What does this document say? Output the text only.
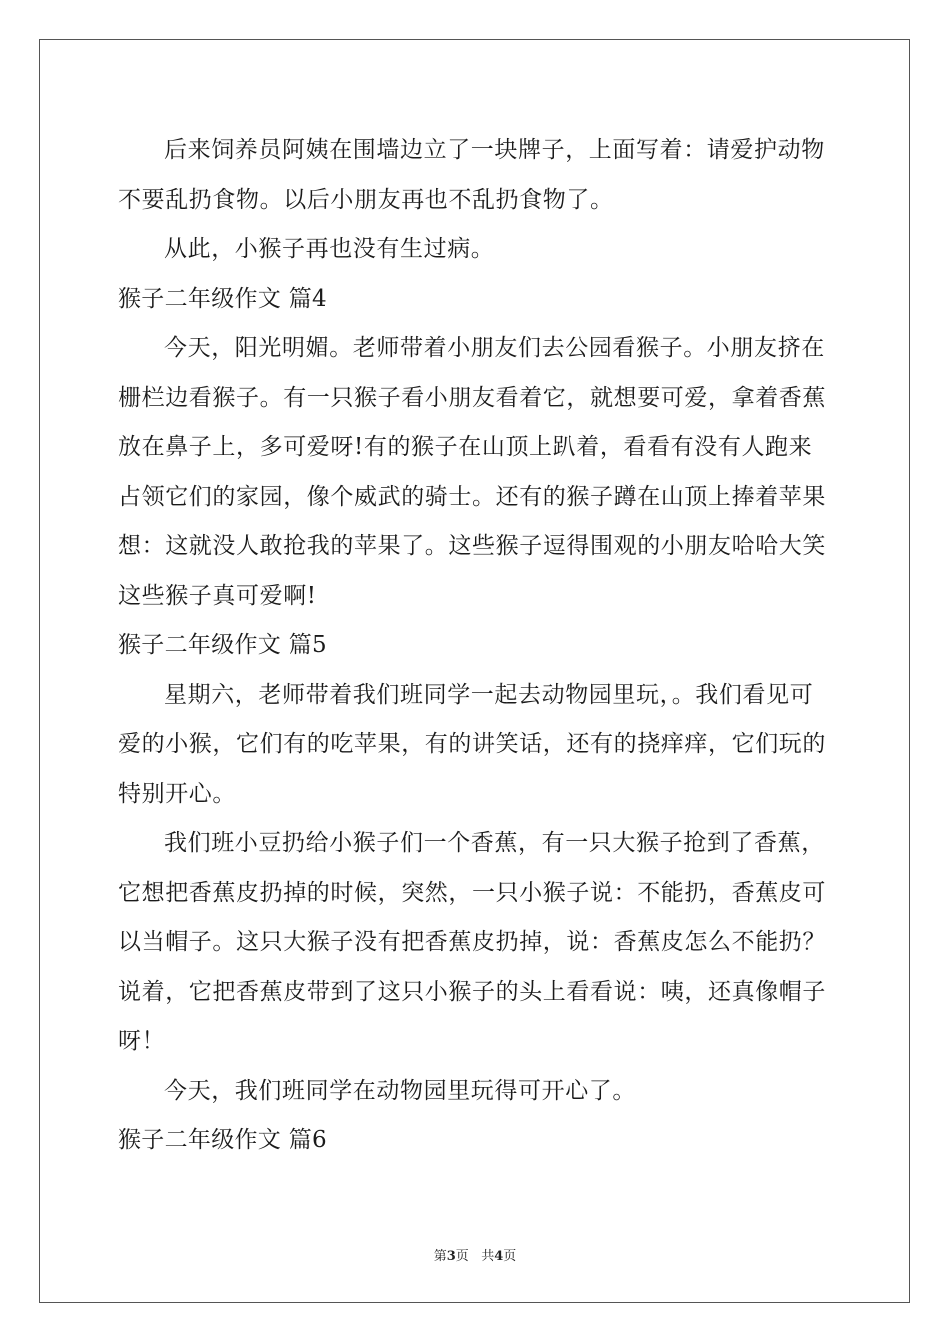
后来饲养员阿姨在围墙边立了一块牌子，上面写着：请爱护动物
不要乱扔食物。以后小朋友再也不乱扔食物了。
从此，小猴子再也没有生过病。
猴子二年级作文 篇4
今天，阳光明媚。老师带着小朋友们去公园看猴子。小朋友挤在
栅栏边看猴子。有一只猴子看小朋友看着它，就想要可爱，拿着香蕉
放在鼻子上，多可爱呀!有的猴子在山顶上趴着，看看有没有人跑来
占领它们的家园，像个威武的骑士。还有的猴子蹲在山顶上捧着苹果
想：这就没人敢抢我的苹果了。这些猴子逗得围观的小朋友哈哈大笑
这些猴子真可爱啊!
猴子二年级作文 篇5
星期六，老师带着我们班同学一起去动物园里玩，。我们看见可
爱的小猴，它们有的吃苹果，有的讲笑话，还有的挠痒痒，它们玩的
特别开心。
我们班小豆扔给小猴子们一个香蕉，有一只大猴子抢到了香蕉，
它想把香蕉皮扔掉的时候，突然，一只小猴子说：不能扔，香蕉皮可
以当帽子。这只大猴子没有把香蕉皮扔掉，说：香蕉皮怎么不能扔？
说着，它把香蕉皮带到了这只小猴子的头上看看说：咦，还真像帽子
呀！
今天，我们班同学在动物园里玩得可开心了。
猴子二年级作文 篇6
第3页 共4页
